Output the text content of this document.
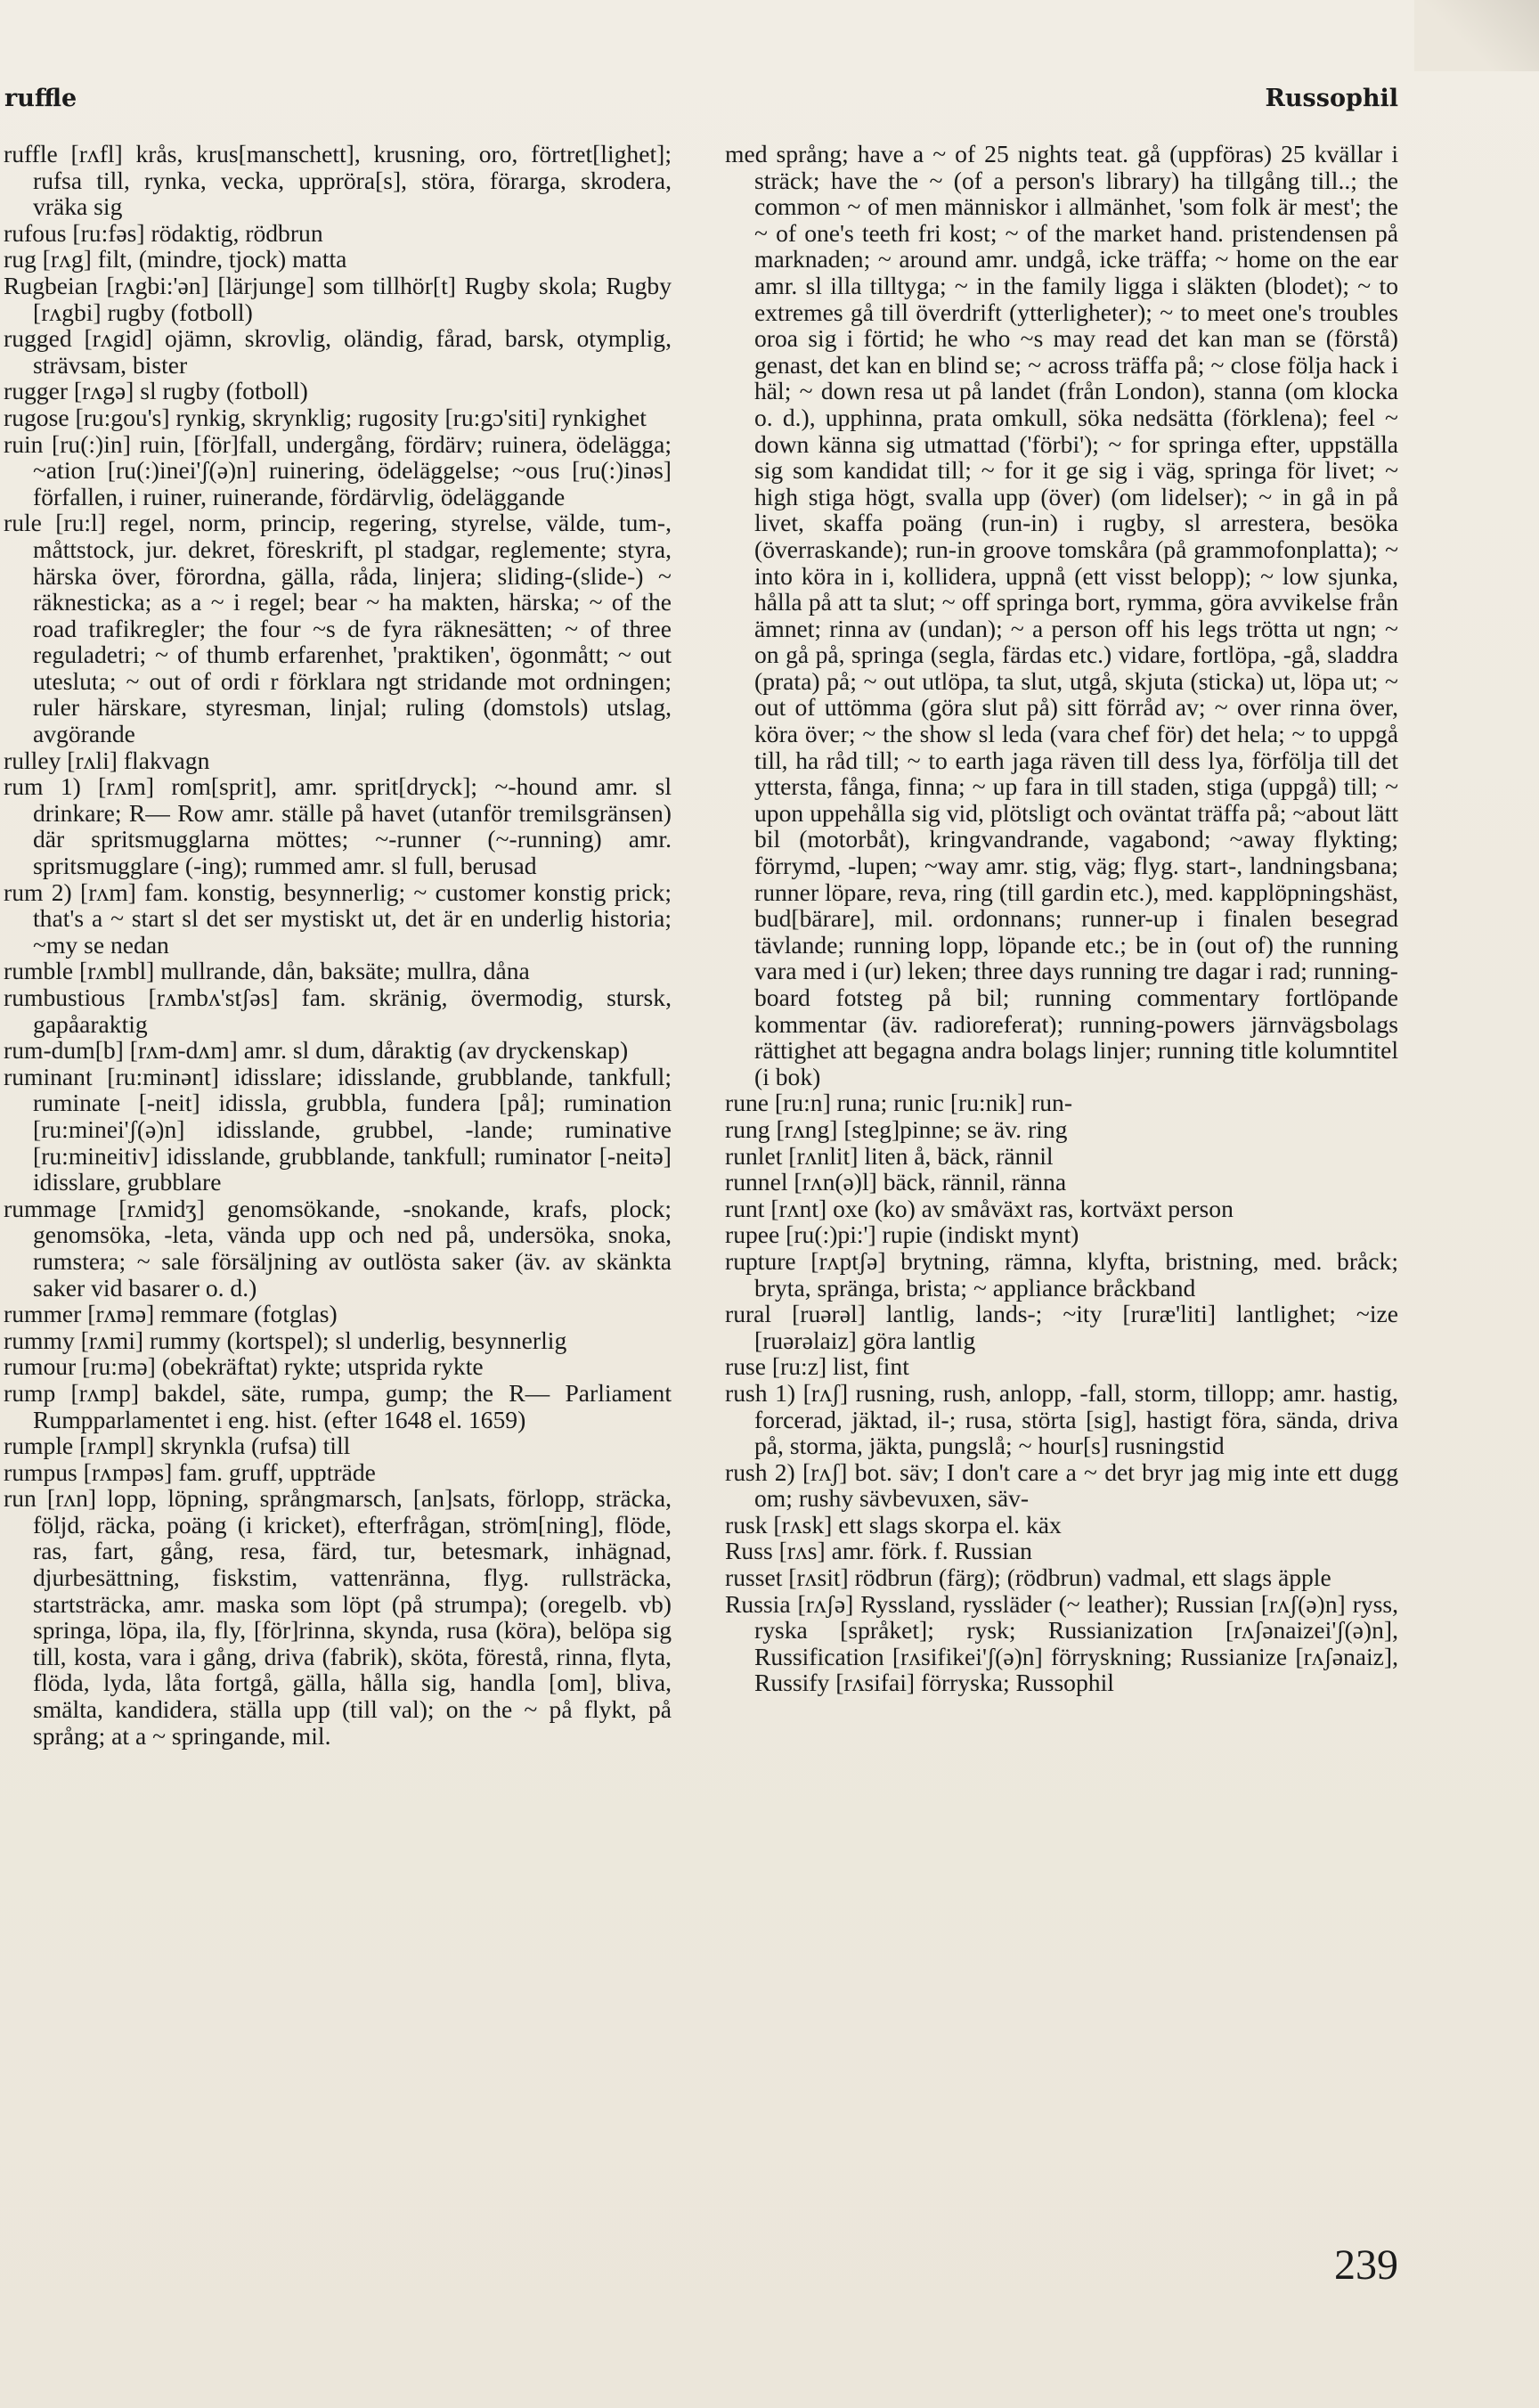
ruffle	Russophil

ruffle [rʌfl] krås, krus[manschett], krusning, oro, förtret[lighet]; rufsa till, rynka, vecka, uppröra[s], störa, förarga, skrodera, vräka sig

rufous [ru:fəs] rödaktig, rödbrun

rug [rʌg] filt, (mindre, tjock) matta

Rugbeian [rʌgbi:'ən] [lärjunge] som tillhör[t] Rugby skola; Rugby [rʌgbi] rugby (fotboll)

rugged [rʌgid] ojämn, skrovlig, oländig, fårad, barsk, otymplig, strävsam, bister

rugger [rʌgə] sl rugby (fotboll)

rugose [ru:gou's] rynkig, skrynklig; rugosity [ru:gɔ'siti] rynkighet

ruin [ru(:)in] ruin, [för]fall, undergång, fördärv; ruinera, ödelägga; ~ation [ru(:)inei'ʃ(ə)n] ruinering, ödeläggelse; ~ous [ru(:)inəs] förfallen, i ruiner, ruinerande, fördärvlig, ödeläggande

rule [ru:l] regel, norm, princip, regering, styrelse, välde, tum-, måttstock, jur. dekret, föreskrift, pl stadgar, reglemente; styra, härska över, förordna, gälla, råda, linjera; sliding-(slide-) ~ räknesticka; as a ~ i regel; bear ~ ha makten, härska; ~ of the road trafikregler; the four ~s de fyra räknesätten; ~ of three reguladetri; ~ of thumb erfarenhet, 'praktiken', ögonmått; ~ out utesluta; ~ out of ordi r förklara ngt stridande mot ordningen; ruler härskare, styresman, linjal; ruling (domstols) utslag, avgörande

rulley [rʌli] flakvagn

rum 1) [rʌm] rom[sprit], amr. sprit[dryck]; ~-hound amr. sl drinkare; R— Row amr. ställe på havet (utanför tremilsgränsen) där spritsmugglarna möttes; ~-runner (~-running) amr. spritsmugglare (-ing); rummed amr. sl full, berusad

rum 2) [rʌm] fam. konstig, besynnerlig; ~ customer konstig prick; that's a ~ start sl det ser mystiskt ut, det är en underlig historia; ~my se nedan

rumble [rʌmbl] mullrande, dån, baksäte; mullra, dåna

rumbustious [rʌmbʌ'stʃəs] fam. skränig, övermodig, stursk, gapåaraktig

rum-dum[b] [rʌm-dʌm] amr. sl dum, dåraktig (av dryckenskap)

ruminant [ru:minənt] idisslare; idisslande, grubblande, tankfull; ruminate [-neit] idissla, grubbla, fundera [på]; rumination [ru:minei'ʃ(ə)n] idisslande, grubbel, -lande; ruminative [ru:mineitiv] idisslande, grubblande, tankfull; ruminator [-neitə] idisslare, grubblare

rummage [rʌmidʒ] genomsökande, -snokande, krafs, plock; genomsöka, -leta, vända upp och ned på, undersöka, snoka, rumstera; ~ sale försäljning av outlösta saker (äv. av skänkta saker vid basarer o. d.)

rummer [rʌmə] remmare (fotglas)

rummy [rʌmi] rummy (kortspel); sl underlig, besynnerlig

rumour [ru:mə] (obekräftat) rykte; utsprida rykte

rump [rʌmp] bakdel, säte, rumpa, gump; the R— Parliament Rumpparlamentet i eng. hist. (efter 1648 el. 1659)

rumple [rʌmpl] skrynkla (rufsa) till

rumpus [rʌmpəs] fam. gruff, uppträde

run [rʌn] lopp, löpning, språngmarsch, [an]sats, förlopp, sträcka, följd, räcka, poäng (i kricket), efterfrågan, ström[ning], flöde, ras, fart, gång, resa, färd, tur, betesmark, inhägnad, djurbesättning, fiskstim, vattenränna, flyg. rullsträcka, startsträcka, amr. maska som löpt (på strumpa); (oregelb. vb) springa, löpa, ila, fly, [för]rinna, skynda, rusa (köra), belöpa sig till, kosta, vara i gång, driva (fabrik), sköta, förestå, rinna, flyta, flöda, lyda, låta fortgå, gälla, hålla sig, handla [om], bliva, smälta, kandidera, ställa upp (till val); on the ~ på flykt, på språng; at a ~ springande, mil.

med språng; have a ~ of 25 nights teat. gå (uppföras) 25 kvällar i sträck; have the ~ (of a person's library) ha tillgång till..; the common ~ of men människor i allmänhet, 'som folk är mest'; the ~ of one's teeth fri kost; ~ of the market hand. pristendensen på marknaden; ~ around amr. undgå, icke träffa; ~ home on the ear amr. sl illa tilltyga; ~ in the family ligga i släkten (blodet); ~ to extremes gå till överdrift (ytterligheter); ~ to meet one's troubles oroa sig i förtid; he who ~s may read det kan man se (förstå) genast, det kan en blind se; ~ across träffa på; ~ close följa hack i häl; ~ down resa ut på landet (från London), stanna (om klocka o. d.), upphinna, prata omkull, söka nedsätta (förklena); feel ~ down känna sig utmattad ('förbi'); ~ for springa efter, uppställa sig som kandidat till; ~ for it ge sig i väg, springa för livet; ~ high stiga högt, svalla upp (över) (om lidelser); ~ in gå in på livet, skaffa poäng (run-in) i rugby, sl arrestera, besöka (överraskande); run-in groove tomskåra (på grammofonplatta); ~ into köra in i, kollidera, uppnå (ett visst belopp); ~ low sjunka, hålla på att ta slut; ~ off springa bort, rymma, göra avvikelse från ämnet; rinna av (undan); ~ a person off his legs trötta ut ngn; ~ on gå på, springa (segla, färdas etc.) vidare, fortlöpa, -gå, sladdra (prata) på; ~ out utlöpa, ta slut, utgå, skjuta (sticka) ut, löpa ut; ~ out of uttömma (göra slut på) sitt förråd av; ~ over rinna över, köra över; ~ the show sl leda (vara chef för) det hela; ~ to uppgå till, ha råd till; ~ to earth jaga räven till dess lya, förfölja till det yttersta, fånga, finna; ~ up fara in till staden, stiga (uppgå) till; ~ upon uppehålla sig vid, plötsligt och oväntat träffa på; ~about lätt bil (motorbåt), kringvandrande, vagabond; ~away flykting; förrymd, -lupen; ~way amr. stig, väg; flyg. start-, landningsbana; runner löpare, reva, ring (till gardin etc.), med. kapplöpningshäst, bud[bärare], mil. ordonnans; runner-up i finalen besegrad tävlande; running lopp, löpande etc.; be in (out of) the running vara med i (ur) leken; three days running tre dagar i rad; running-board fotsteg på bil; running commentary fortlöpande kommentar (äv. radioreferat); running-powers järnvägsbolags rättighet att begagna andra bolags linjer; running title kolumntitel (i bok)

rune [ru:n] runa; runic [ru:nik] run-

rung [rʌng] [steg]pinne; se äv. ring

runlet [rʌnlit] liten å, bäck, rännil

runnel [rʌn(ə)l] bäck, rännil, ränna

runt [rʌnt] oxe (ko) av småväxt ras, kortväxt person

rupee [ru(:)pi:'] rupie (indiskt mynt)

rupture [rʌptʃə] brytning, rämna, klyfta, bristning, med. bråck; bryta, spränga, brista; ~ appliance bråckband

rural [ruərəl] lantlig, lands-; ~ity [ruræ'liti] lantlighet; ~ize [ruərəlaiz] göra lantlig

ruse [ru:z] list, fint

rush 1) [rʌʃ] rusning, rush, anlopp, -fall, storm, tillopp; amr. hastig, forcerad, jäktad, il-; rusa, störta [sig], hastigt föra, sända, driva på, storma, jäkta, pungslå; ~ hour[s] rusningstid

rush 2) [rʌʃ] bot. säv; I don't care a ~ det bryr jag mig inte ett dugg om; rushy sävbevuxen, säv-

rusk [rʌsk] ett slags skorpa el. käx

Russ [rʌs] amr. förk. f. Russian

russet [rʌsit] rödbrun (färg); (rödbrun) vadmal, ett slags äpple

Russia [rʌʃə] Ryssland, ryssläder (~ leather); Russian [rʌʃ(ə)n] ryss, ryska [språket]; rysk; Russianization [rʌʃənaizei'ʃ(ə)n], Russification [rʌsifikei'ʃ(ə)n] förryskning; Russianize [rʌʃənaiz], Russify [rʌsifai] förryska; Russophil

239
